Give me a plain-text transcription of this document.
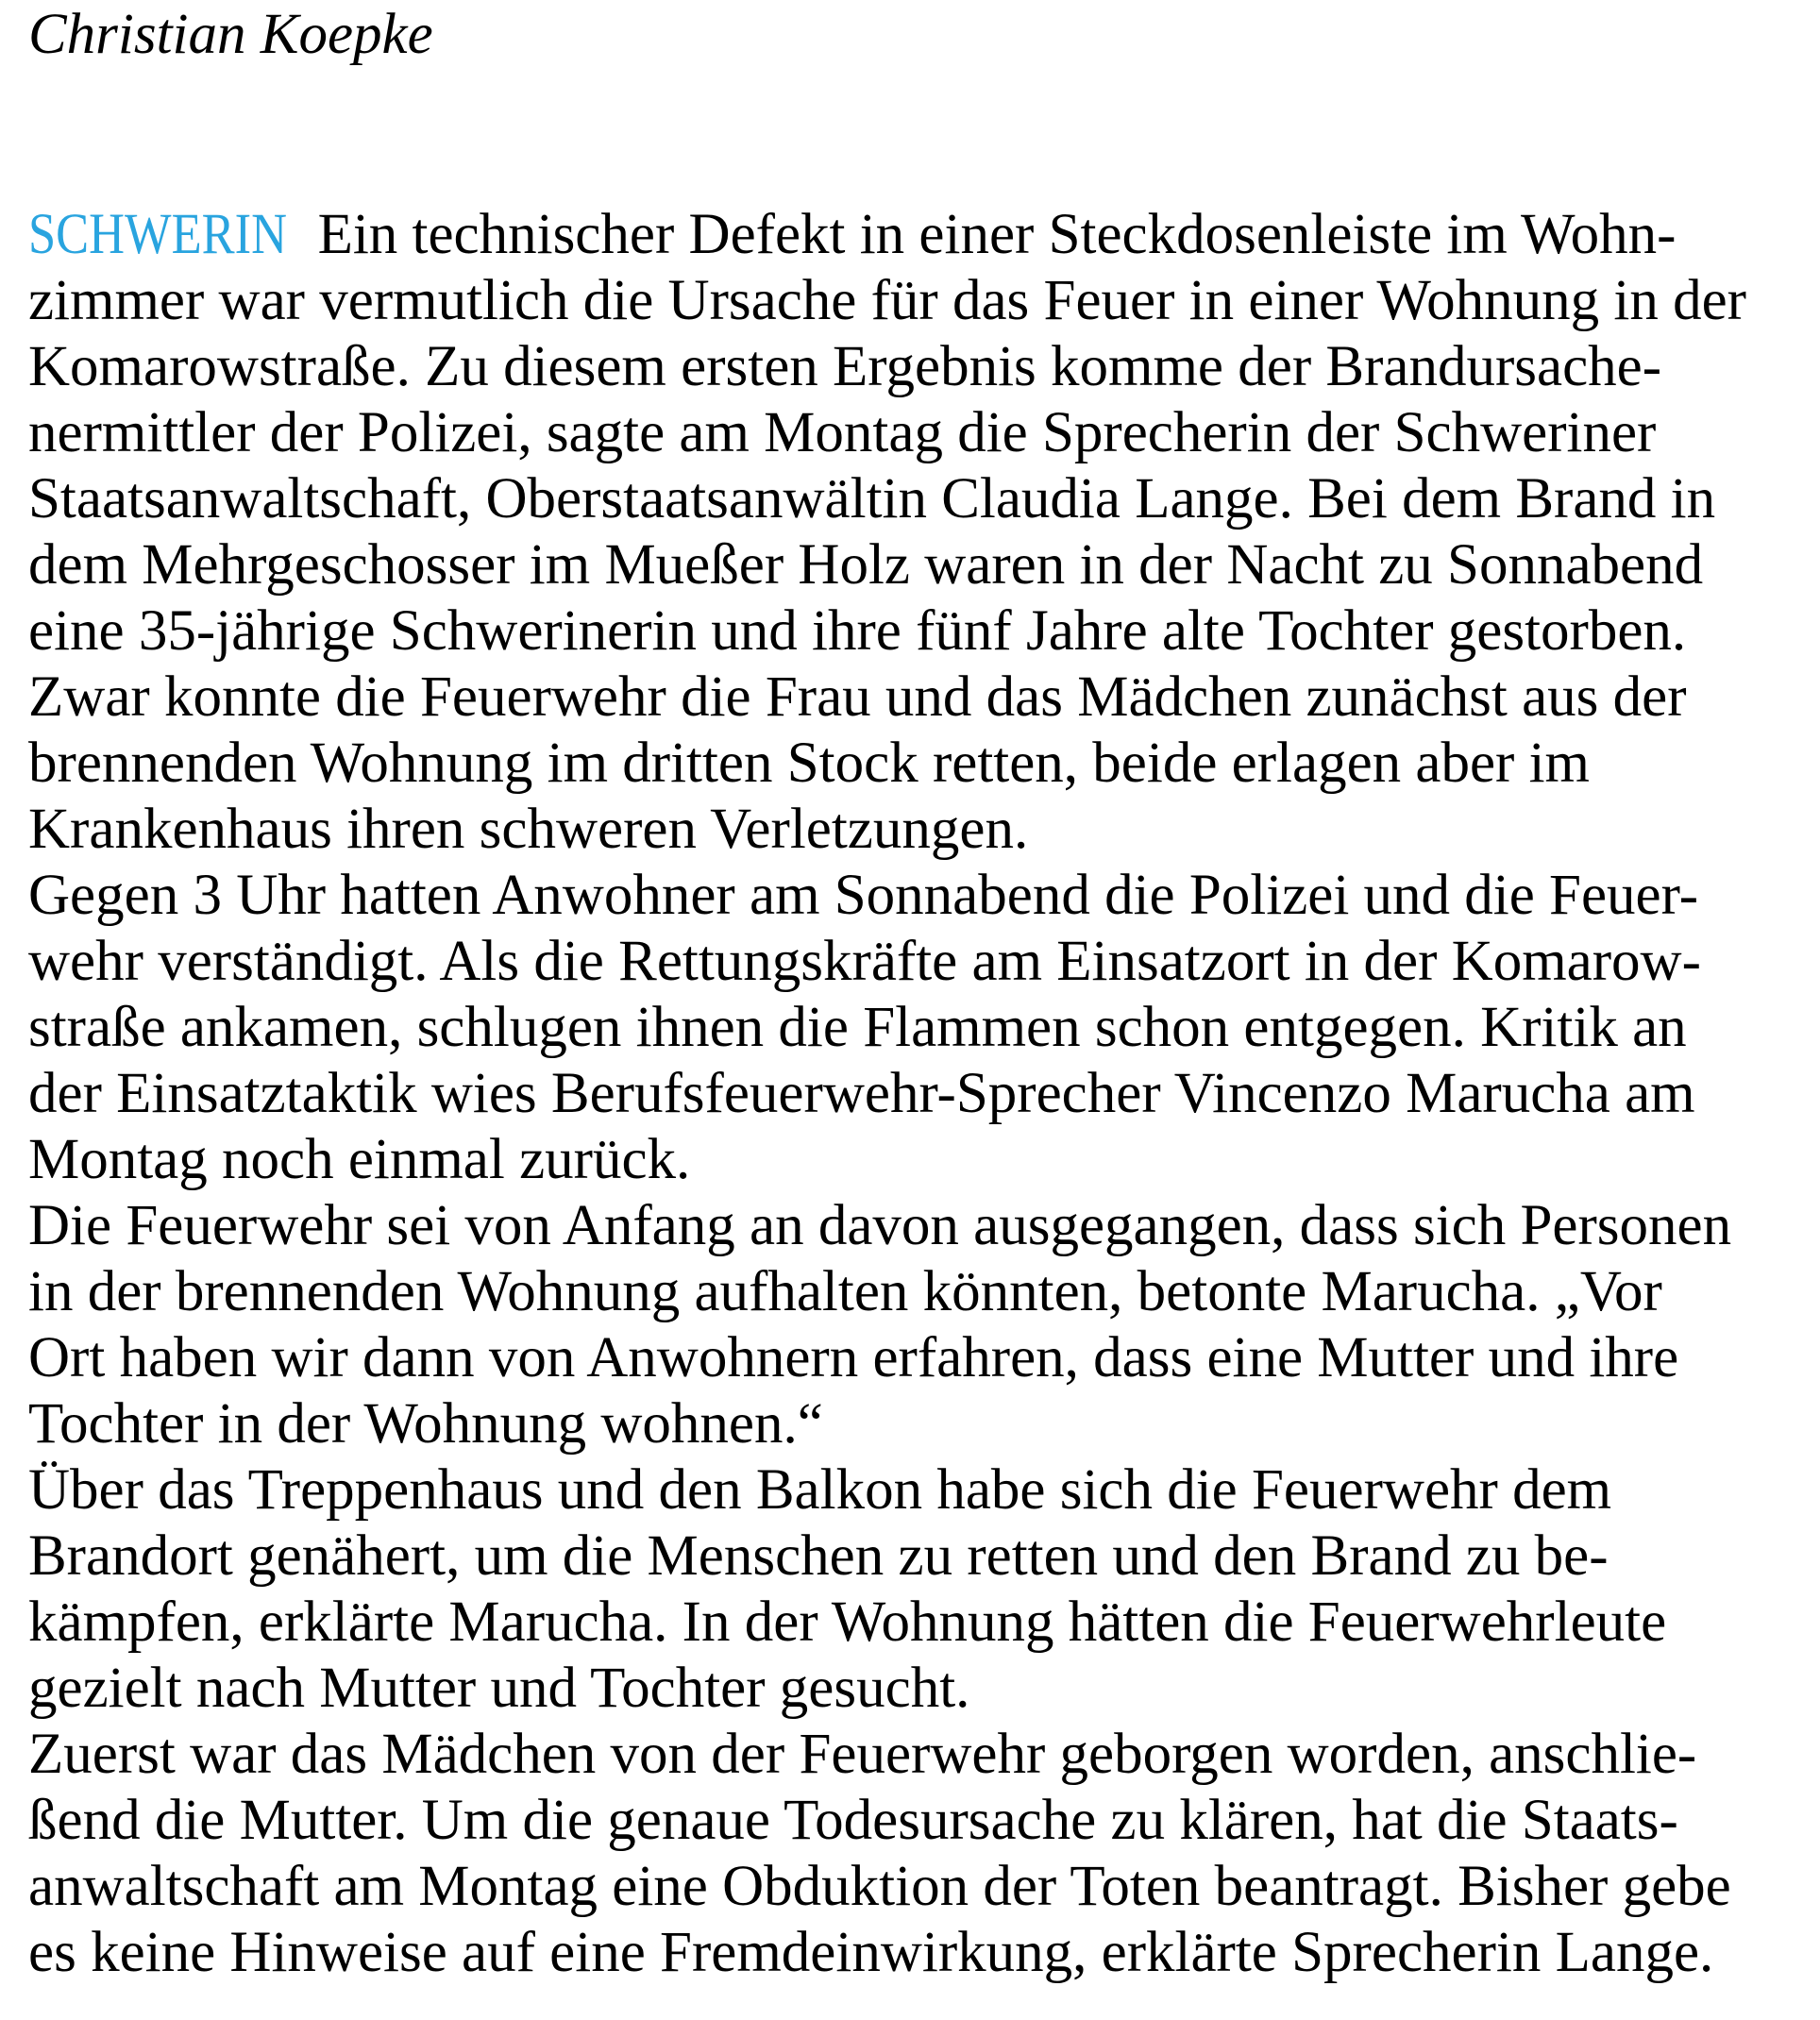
Christian Koepke
SCHWERIN Ein technischer Defekt in einer Steckdosenleiste im Wohn-
zimmer war vermutlich die Ursache für das Feuer in einer Wohnung in der
Komarowstraße. Zu diesem ersten Ergebnis komme der Brandursache-
nermittler der Polizei, sagte am Montag die Sprecherin der Schweriner
Staatsanwaltschaft, Oberstaatsanwältin Claudia Lange. Bei dem Brand in
dem Mehrgeschosser im Mueßer Holz waren in der Nacht zu Sonnabend
eine 35-jährige Schwerinerin und ihre fünf Jahre alte Tochter gestorben.
Zwar konnte die Feuerwehr die Frau und das Mädchen zunächst aus der
brennenden Wohnung im dritten Stock retten, beide erlagen aber im
Krankenhaus ihren schweren Verletzungen.
Gegen 3 Uhr hatten Anwohner am Sonnabend die Polizei und die Feuer-
wehr verständigt. Als die Rettungskräfte am Einsatzort in der Komarow-
straße ankamen, schlugen ihnen die Flammen schon entgegen. Kritik an
der Einsatztaktik wies Berufsfeuerwehr-Sprecher Vincenzo Marucha am
Montag noch einmal zurück.
Die Feuerwehr sei von Anfang an davon ausgegangen, dass sich Personen
in der brennenden Wohnung aufhalten könnten, betonte Marucha. „Vor
Ort haben wir dann von Anwohnern erfahren, dass eine Mutter und ihre
Tochter in der Wohnung wohnen.“
Über das Treppenhaus und den Balkon habe sich die Feuerwehr dem
Brandort genähert, um die Menschen zu retten und den Brand zu be-
kämpfen, erklärte Marucha. In der Wohnung hätten die Feuerwehrleute
gezielt nach Mutter und Tochter gesucht.
Zuerst war das Mädchen von der Feuerwehr geborgen worden, anschlie-
ßend die Mutter. Um die genaue Todesursache zu klären, hat die Staats-
anwaltschaft am Montag eine Obduktion der Toten beantragt. Bisher gebe
es keine Hinweise auf eine Fremdeinwirkung, erklärte Sprecherin Lange.
